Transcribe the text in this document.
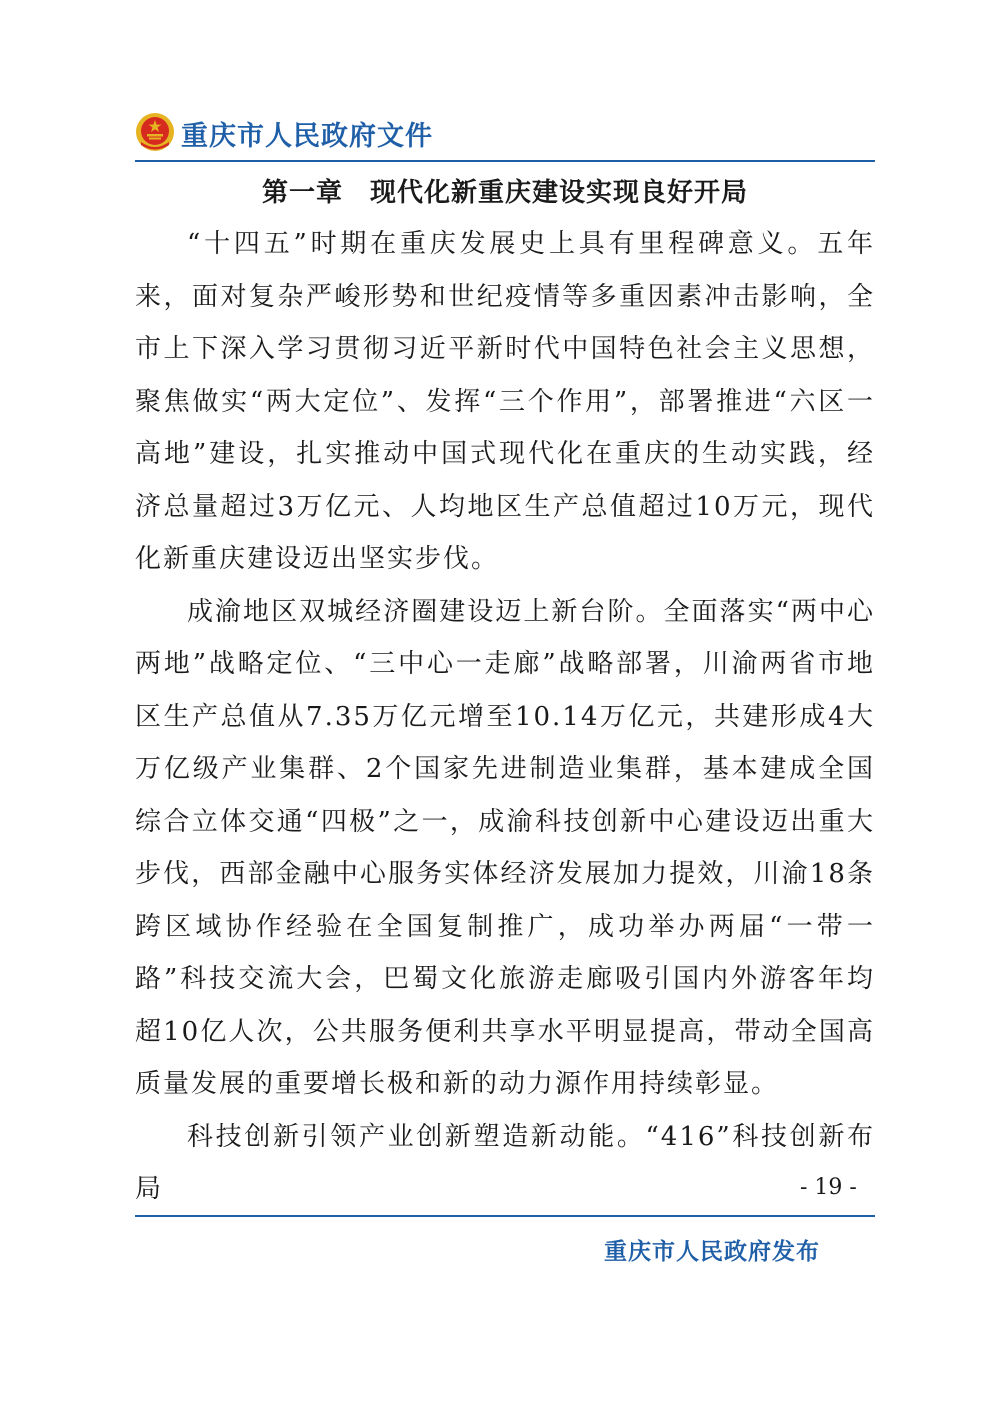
重庆市人民政府文件
第一章　现代化新重庆建设实现良好开局

“十四五”时期在重庆发展史上具有里程碑意义。五年来，面对复杂严峻形势和世纪疫情等多重因素冲击影响，全市上下深入学习贯彻习近平新时代中国特色社会主义思想，聚焦做实“两大定位”、发挥“三个作用”，部署推进“六区一高地”建设，扎实推动中国式现代化在重庆的生动实践，经济总量超过3万亿元、人均地区生产总值超过10万元，现代化新重庆建设迈出坚实步伐。

成渝地区双城经济圈建设迈上新台阶。全面落实“两中心两地”战略定位、“三中心一走廊”战略部署，川渝两省市地区生产总值从7.35万亿元增至10.14万亿元，共建形成4大万亿级产业集群、2个国家先进制造业集群，基本建成全国综合立体交通“四极”之一，成渝科技创新中心建设迈出重大步伐，西部金融中心服务实体经济发展加力提效，川渝18条跨区域协作经验在全国复制推广，成功举办两届“一带一路”科技交流大会，巴蜀文化旅游走廊吸引国内外游客年均超10亿人次，公共服务便利共享水平明显提高，带动全国高质量发展的重要增长极和新的动力源作用持续彰显。

科技创新引领产业创新塑造新动能。“416”科技创新布局	- 19 -
重庆市人民政府发布
